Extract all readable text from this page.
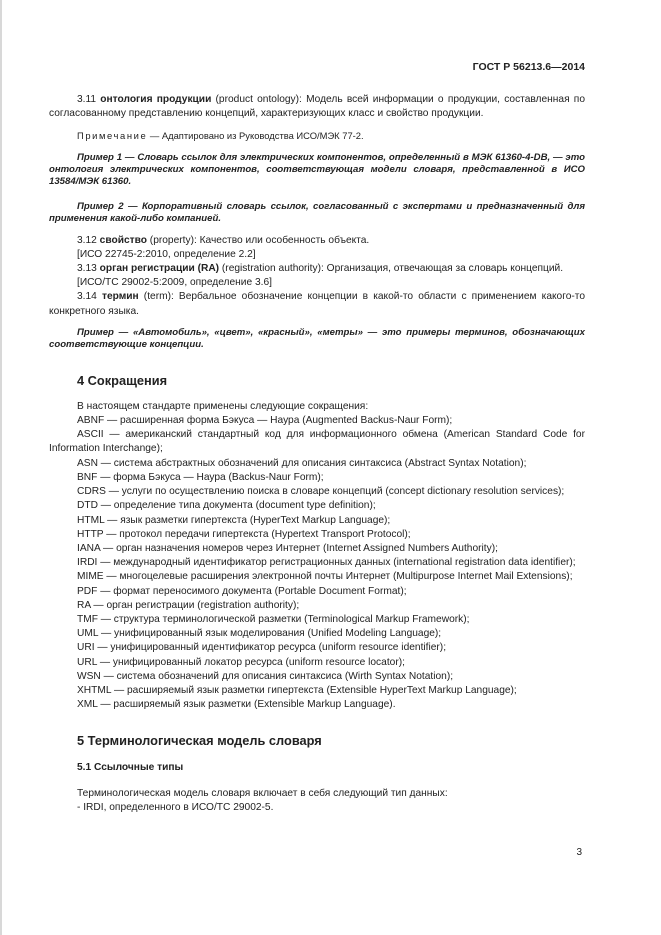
ГОСТ Р 56213.6—2014

3.11 онтология продукции (product ontology): Модель всей информации о продукции, составленная по согласованному представлению концепций, характеризующих класс и свойство продукции.

Примечание — Адаптировано из Руководства ИСО/МЭК 77-2.

Пример 1 — Словарь ссылок для электрических компонентов, определенный в МЭК 61360-4-DB, — это онтология электрических компонентов, соответствующая модели словаря, представленной в ИСО 13584/МЭК 61360.

Пример 2 — Корпоративный словарь ссылок, согласованный с экспертами и предназначенный для применения какой-либо компанией.

3.12 свойство (property): Качество или особенность объекта.

[ИСО 22745-2:2010, определение 2.2]

3.13 орган регистрации (RA) (registration authority): Организация, отвечающая за словарь концепций.

[ИСО/ТС 29002-5:2009, определение 3.6]

3.14 термин (term): Вербальное обозначение концепции в какой-то области с применением какого-то конкретного языка.

Пример — «Автомобиль», «цвет», «красный», «метры» — это примеры терминов, обозначающих соответствующие концепции.

4 Сокращения

В настоящем стандарте применены следующие сокращения:

ABNF — расширенная форма Бэкуса — Наура (Augmented Backus-Naur Form);

ASCII — американский стандартный код для информационного обмена (American Standard Code for Information Interchange);

ASN — система абстрактных обозначений для описания синтаксиса (Abstract Syntax Notation);

BNF — форма Бэкуса — Наура (Backus-Naur Form);

CDRS — услуги по осуществлению поиска в словаре концепций (concept dictionary resolution services);

DTD — определение типа документа (document type definition);

HTML — язык разметки гипертекста (HyperText Markup Language);

HTTP — протокол передачи гипертекста (Hypertext Transport Protocol);

IANA — орган назначения номеров через Интернет (Internet Assigned Numbers Authority);

IRDI — международный идентификатор регистрационных данных (international registration data identifier);

MIME — многоцелевые расширения электронной почты Интернет (Multipurpose Internet Mail Extensions);

PDF — формат переносимого документа (Portable Document Format);

RA — орган регистрации (registration authority);

TMF — структура терминологической разметки (Terminological Markup Framework);

UML — унифицированный язык моделирования (Unified Modeling Language);

URI — унифицированный идентификатор ресурса (uniform resource identifier);

URL — унифицированный локатор ресурса (uniform resource locator);

WSN — система обозначений для описания синтаксиса (Wirth Syntax Notation);

XHTML — расширяемый язык разметки гипертекста (Extensible HyperText Markup Language);

XML — расширяемый язык разметки (Extensible Markup Language).

5 Терминологическая модель словаря
5.1 Ссылочные типы

Терминологическая модель словаря включает в себя следующий тип данных:

- IRDI, определенного в ИСО/ТС 29002-5.

3
